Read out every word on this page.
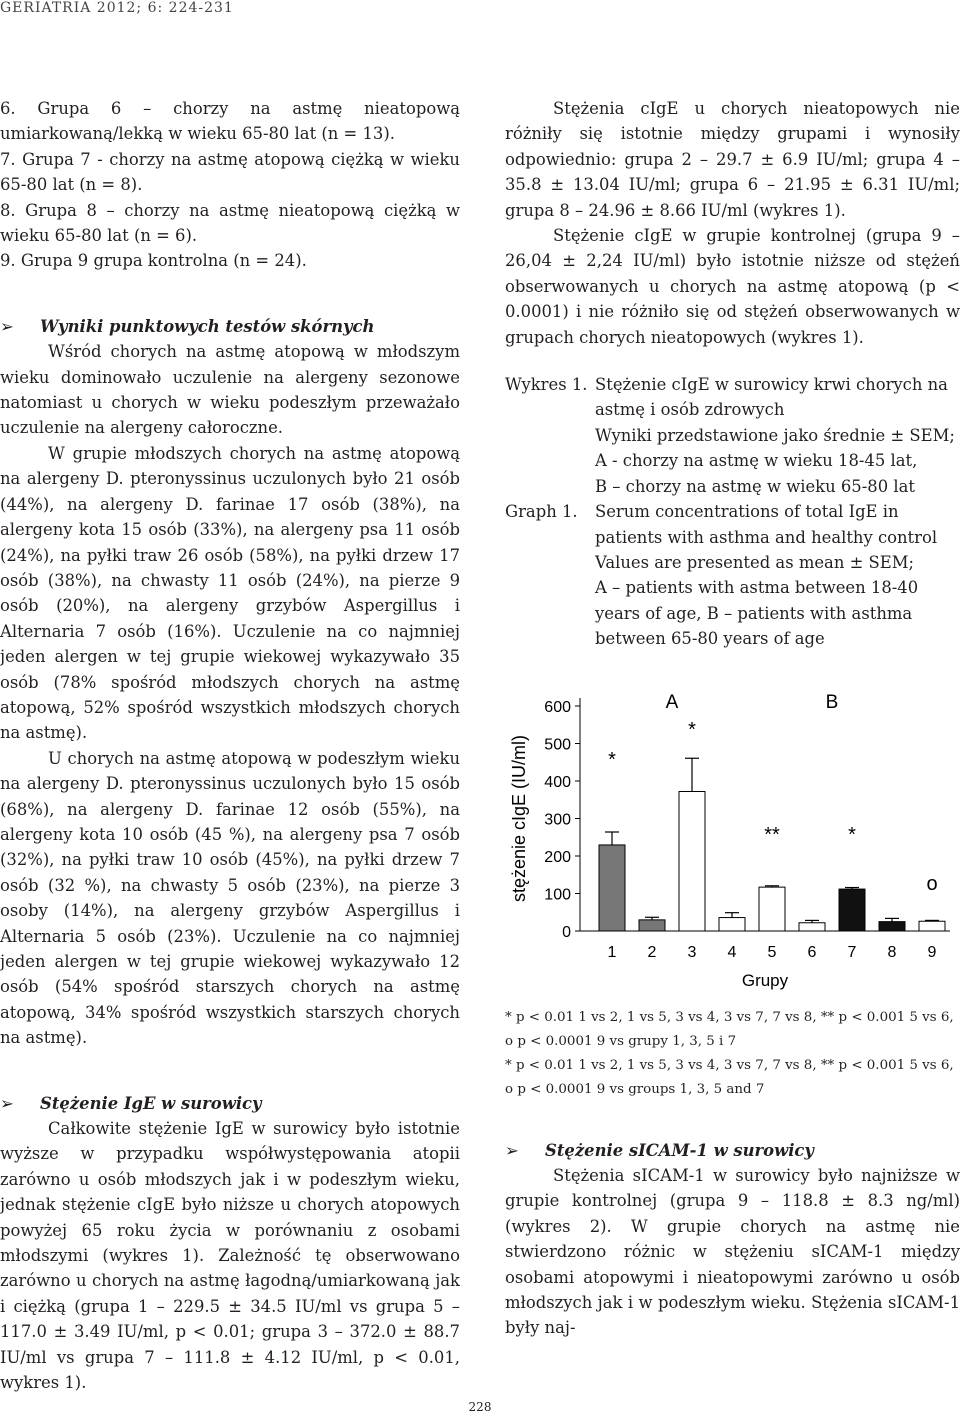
GERIATRIA 2012; 6: 224-231

6. Grupa 6 – chorzy na astmę nieatopową umiarkowaną/lekką w wieku 65-80 lat (n = 13).

7. Grupa 7 - chorzy na astmę atopową ciężką w wieku 65-80 lat (n = 8).

8. Grupa 8 – chorzy na astmę nieatopową ciężką w wieku 65-80 lat (n = 6).

9. Grupa 9 grupa kontrolna (n = 24).

➢ Wyniki punktowych testów skórnych

Wśród chorych na astmę atopową w młodszym wieku dominowało uczulenie na alergeny sezonowe natomiast u chorych w wieku podeszłym przeważało uczulenie na alergeny całoroczne.

W grupie młodszych chorych na astmę atopową na alergeny D. pteronyssinus uczulonych było 21 osób (44%), na alergeny D. farinae 17 osób (38%), na alergeny kota 15 osób (33%), na alergeny psa 11 osób (24%), na pyłki traw 26 osób (58%), na pyłki drzew 17 osób (38%), na chwasty 11 osób (24%), na pierze 9 osób (20%), na alergeny grzybów Aspergillus i Alternaria 7 osób (16%). Uczulenie na co najmniej jeden alergen w tej grupie wiekowej wykazywało 35 osób (78% spośród młodszych chorych na astmę atopową, 52% spośród wszystkich młodszych chorych na astmę).

U chorych na astmę atopową w podeszłym wieku na alergeny D. pteronyssinus uczulonych było 15 osób (68%), na alergeny D. farinae 12 osób (55%), na alergeny kota 10 osób (45 %), na alergeny psa 7 osób (32%), na pyłki traw 10 osób (45%), na pyłki drzew 7 osób (32 %), na chwasty 5 osób (23%), na pierze 3 osoby (14%), na alergeny grzybów Aspergillus i Alternaria 5 osób (23%). Uczulenie na co najmniej jeden alergen w tej grupie wiekowej wykazywało 12 osób (54% spośród starszych chorych na astmę atopową, 34% spośród wszystkich starszych chorych na astmę).

➢ Stężenie IgE w surowicy

Całkowite stężenie IgE w surowicy było istotnie wyższe w przypadku współwystępowania atopii zarówno u osób młodszych jak i w podeszłym wieku, jednak stężenie cIgE było niższe u chorych atopowych powyżej 65 roku życia w porównaniu z osobami młodszymi (wykres 1). Zależność tę obserwowano zarówno u chorych na astmę łagodną/umiarkowaną jak i ciężką (grupa 1 – 229.5 ± 34.5 IU/ml vs grupa 5 – 117.0 ± 3.49 IU/ml, p < 0.01; grupa 3 – 372.0 ± 88.7 IU/ml vs grupa 7 – 111.8 ± 4.12 IU/ml, p < 0.01, wykres 1).

Stężenia cIgE u chorych nieatopowych nie różniły się istotnie między grupami i wynosiły odpowiednio: grupa 2 – 29.7 ± 6.9 IU/ml; grupa 4 – 35.8 ± 13.04 IU/ml; grupa 6 – 21.95 ± 6.31 IU/ml; grupa 8 – 24.96 ± 8.66 IU/ml (wykres 1).

Stężenie cIgE w grupie kontrolnej (grupa 9 – 26,04 ± 2,24 IU/ml) było istotnie niższe od stężeń obserwowanych u chorych na astmę atopową (p < 0.0001) i nie różniło się od stężeń obserwowanych w grupach chorych nieatopowych (wykres 1).

Wykres 1. Stężenie cIgE w surowicy krwi chorych na astmę i osób zdrowych
Wyniki przedstawione jako średnie ± SEM;
A - chorzy na astmę w wieku 18-45 lat,
B – chorzy na astmę w wieku 65-80 lat
Graph 1. Serum concentrations of total IgE in patients with asthma and healthy control
Values are presented as mean ± SEM;
A – patients with astma between 18-40 years of age, B – patients with asthma between 65-80 years of age
0
100
200
300
400
500
600
stężenie cIgE (IU/ml)
1 2 3 4 5 6 7 8 9
Grupy
*
*
**	*
o
A	B

* p < 0.01 1 vs 2, 1 vs 5, 3 vs 4, 3 vs 7, 7 vs 8, ** p < 0.001 5 vs 6, o p < 0.0001 9 vs grupy 1, 3, 5 i 7

* p < 0.01 1 vs 2, 1 vs 5, 3 vs 4, 3 vs 7, 7 vs 8, ** p < 0.001 5 vs 6, o p < 0.0001 9 vs groups 1, 3, 5 and 7

➢ Stężenie sICAM-1 w surowicy

Stężenia sICAM-1 w surowicy było najniższe w grupie kontrolnej (grupa 9 – 118.8 ± 8.3 ng/ml) (wykres 2). W grupie chorych na astmę nie stwierdzono różnic w stężeniu sICAM-1 między osobami atopowymi i nieatopowymi zarówno u osób młodszych jak i w podeszłym wieku. Stężenia sICAM-1 były naj-

228
